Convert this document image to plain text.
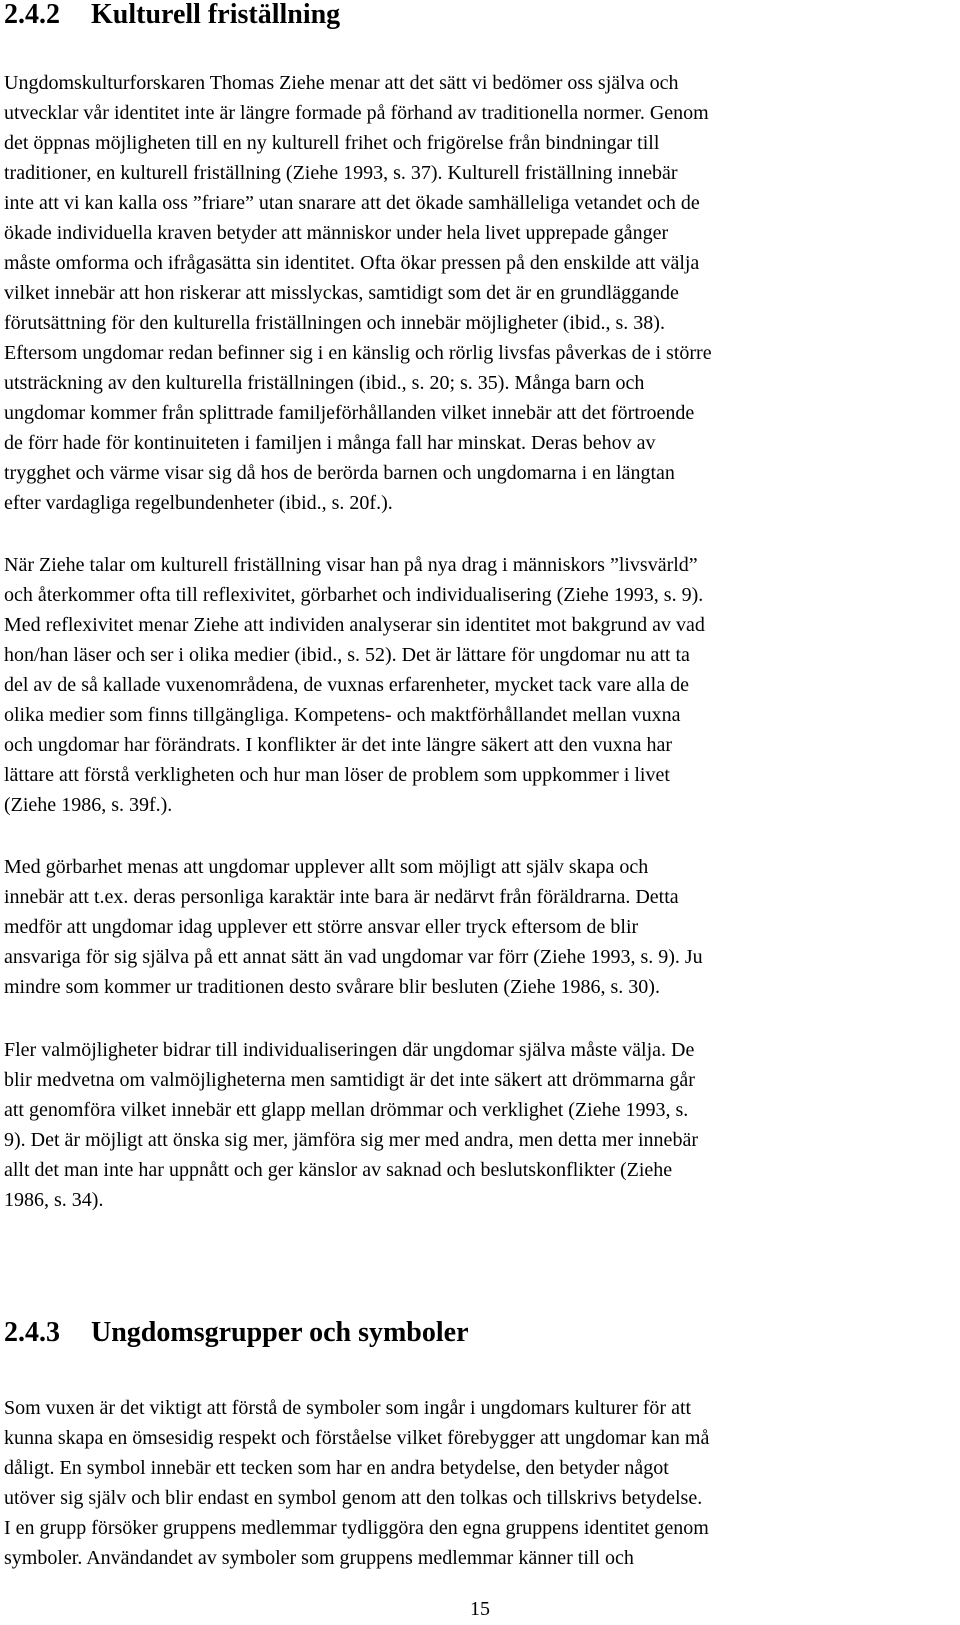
2.4.2 Kulturell friställning

Ungdomskulturforskaren Thomas Ziehe menar att det sätt vi bedömer oss själva och
utvecklar vår identitet inte är längre formade på förhand av traditionella normer. Genom
det öppnas möjligheten till en ny kulturell frihet och frigörelse från bindningar till
traditioner, en kulturell friställning (Ziehe 1993, s. 37). Kulturell friställning innebär
inte att vi kan kalla oss ”friare” utan snarare att det ökade samhälleliga vetandet och de
ökade individuella kraven betyder att människor under hela livet upprepade gånger
måste omforma och ifrågasätta sin identitet. Ofta ökar pressen på den enskilde att välja
vilket innebär att hon riskerar att misslyckas, samtidigt som det är en grundläggande
förutsättning för den kulturella friställningen och innebär möjligheter (ibid., s. 38).
Eftersom ungdomar redan befinner sig i en känslig och rörlig livsfas påverkas de i större
utsträckning av den kulturella friställningen (ibid., s. 20; s. 35). Många barn och
ungdomar kommer från splittrade familjeförhållanden vilket innebär att det förtroende
de förr hade för kontinuiteten i familjen i många fall har minskat. Deras behov av
trygghet och värme visar sig då hos de berörda barnen och ungdomarna i en längtan
efter vardagliga regelbundenheter (ibid., s. 20f.).

När Ziehe talar om kulturell friställning visar han på nya drag i människors ”livsvärld”
och återkommer ofta till reflexivitet, görbarhet och individualisering (Ziehe 1993, s. 9).
Med reflexivitet menar Ziehe att individen analyserar sin identitet mot bakgrund av vad
hon/han läser och ser i olika medier (ibid., s. 52). Det är lättare för ungdomar nu att ta
del av de så kallade vuxenområdena, de vuxnas erfarenheter, mycket tack vare alla de
olika medier som finns tillgängliga. Kompetens- och maktförhållandet mellan vuxna
och ungdomar har förändrats. I konflikter är det inte längre säkert att den vuxna har
lättare att förstå verkligheten och hur man löser de problem som uppkommer i livet
(Ziehe 1986, s. 39f.).

Med görbarhet menas att ungdomar upplever allt som möjligt att själv skapa och
innebär att t.ex. deras personliga karaktär inte bara är nedärvt från föräldrarna. Detta
medför att ungdomar idag upplever ett större ansvar eller tryck eftersom de blir
ansvariga för sig själva på ett annat sätt än vad ungdomar var förr (Ziehe 1993, s. 9). Ju
mindre som kommer ur traditionen desto svårare blir besluten (Ziehe 1986, s. 30).

Fler valmöjligheter bidrar till individualiseringen där ungdomar själva måste välja. De
blir medvetna om valmöjligheterna men samtidigt är det inte säkert att drömmarna går
att genomföra vilket innebär ett glapp mellan drömmar och verklighet (Ziehe 1993, s.
9). Det är möjligt att önska sig mer, jämföra sig mer med andra, men detta mer innebär
allt det man inte har uppnått och ger känslor av saknad och beslutskonflikter (Ziehe
1986, s. 34).

2.4.3 Ungdomsgrupper och symboler

Som vuxen är det viktigt att förstå de symboler som ingår i ungdomars kulturer för att
kunna skapa en ömsesidig respekt och förståelse vilket förebygger att ungdomar kan må
dåligt. En symbol innebär ett tecken som har en andra betydelse, den betyder något
utöver sig själv och blir endast en symbol genom att den tolkas och tillskrivs betydelse.
I en grupp försöker gruppens medlemmar tydliggöra den egna gruppens identitet genom
symboler. Användandet av symboler som gruppens medlemmar känner till och

15
